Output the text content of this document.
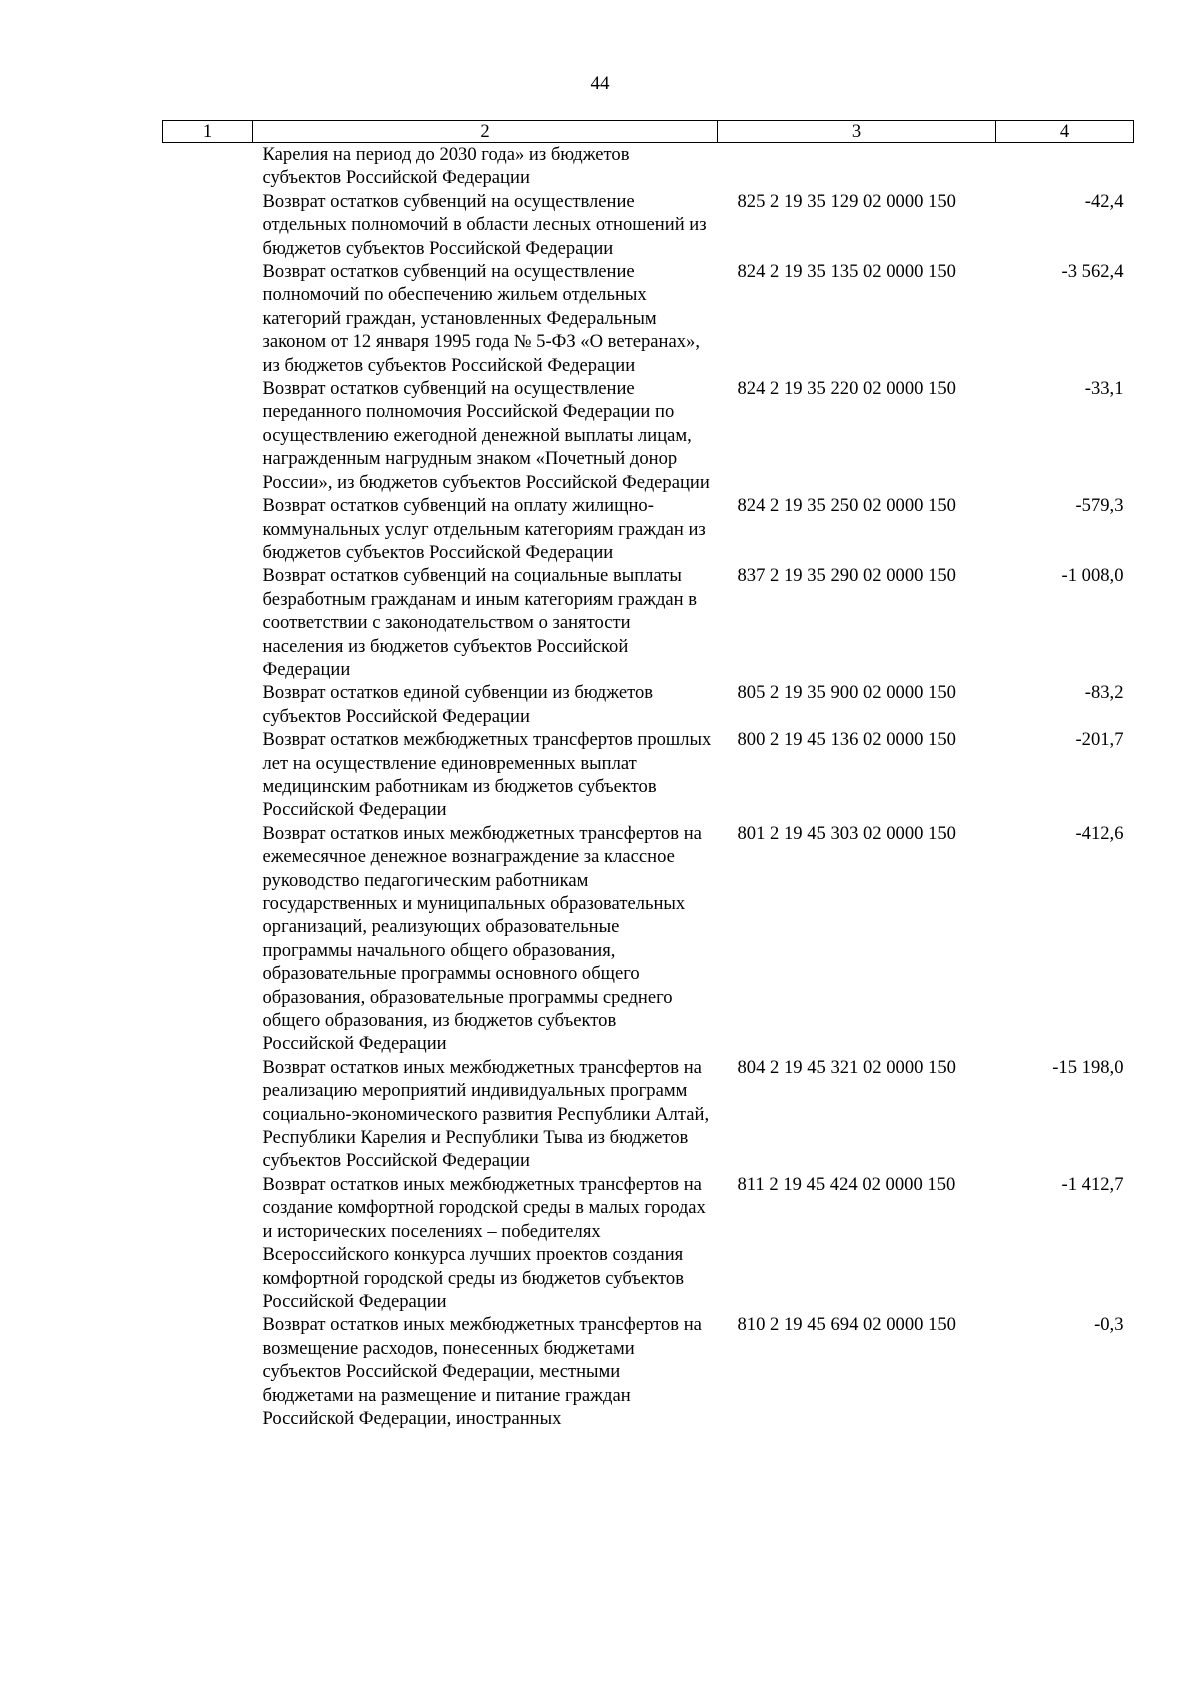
44
1	2	3	4
	Карелия на период до 2030 года» из бюджетов субъектов Российской Федерации		
	Возврат остатков субвенций на осуществление отдельных полномочий в области лесных отношений из бюджетов субъектов Российской Федерации	825 2 19 35 129 02 0000 150	-42,4
	Возврат остатков субвенций на осуществление полномочий по обеспечению жильем отдельных категорий граждан, установленных Федеральным законом от 12 января 1995 года № 5-ФЗ «О ветеранах», из бюджетов субъектов Российской Федерации	824 2 19 35 135 02 0000 150	-3 562,4
	Возврат остатков субвенций на осуществление переданного полномочия Российской Федерации по осуществлению ежегодной денежной выплаты лицам, награжденным нагрудным знаком «Почетный донор России», из бюджетов субъектов Российской Федерации	824 2 19 35 220 02 0000 150	-33,1
	Возврат остатков субвенций на оплату жилищно-коммунальных услуг отдельным категориям граждан из бюджетов субъектов Российской Федерации	824 2 19 35 250 02 0000 150	-579,3
	Возврат остатков субвенций на социальные выплаты безработным гражданам и иным категориям граждан в соответствии с законодательством о занятости населения из бюджетов субъектов Российской Федерации	837 2 19 35 290 02 0000 150	-1 008,0
	Возврат остатков единой субвенции из бюджетов субъектов Российской Федерации	805 2 19 35 900 02 0000 150	-83,2
	Возврат остатков межбюджетных трансфертов прошлых лет на осуществление единовременных выплат медицинским работникам из бюджетов субъектов Российской Федерации	800 2 19 45 136 02 0000 150	-201,7
	Возврат остатков иных межбюджетных трансфертов на ежемесячное денежное вознаграждение за классное руководство педагогическим работникам государственных и муниципальных образовательных организаций, реализующих образовательные программы начального общего образования, образовательные программы основного общего образования, образовательные программы среднего общего образования, из бюджетов субъектов Российской Федерации	801 2 19 45 303 02 0000 150	-412,6
	Возврат остатков иных межбюджетных трансфертов на реализацию мероприятий индивидуальных программ социально-экономического развития Республики Алтай, Республики Карелия и Республики Тыва из бюджетов субъектов Российской Федерации	804 2 19 45 321 02 0000 150	-15 198,0
	Возврат остатков иных межбюджетных трансфертов на создание комфортной городской среды в малых городах и исторических поселениях – победителях Всероссийского конкурса лучших проектов создания комфортной городской среды из бюджетов субъектов Российской Федерации	811 2 19 45 424 02 0000 150	-1 412,7
	Возврат остатков иных межбюджетных трансфертов на возмещение расходов, понесенных бюджетами субъектов Российской Федерации, местными бюджетами на размещение и питание граждан Российской Федерации, иностранных	810 2 19 45 694 02 0000 150	-0,3
